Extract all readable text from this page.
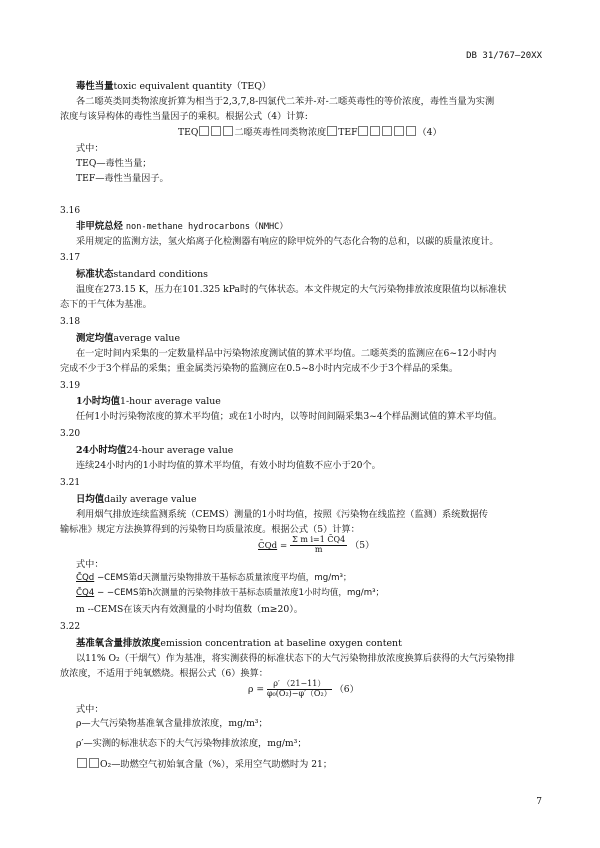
DB 31/767—20XX
毒性当量toxic equivalent quantity（TEQ）
各二噁英类同类物浓度折算为相当于2,3,7,8-四氯代二苯并-对-二噁英毒性的等价浓度，毒性当量为实测
浓度与该异构体的毒性当量因子的乘积。根据公式（4）计算:
TEQ	二噁英毒性同类物浓度 TEF	（4）
式中：
TEQ—毒性当量；
TEF—毒性当量因子。
3.16
非甲烷总烃 non-methane hydrocarbons（NMHC）
采用规定的监测方法，氢火焰离子化检测器有响应的除甲烷外的气态化合物的总和，以碳的质量浓度计。
3.17
标准状态standard conditions
温度在273.15 K，压力在101.325 kPa时的气体状态。本文件规定的大气污染物排放浓度限值均以标准状
态下的干气体为基准。
3.18
测定均值average value
在一定时间内采集的一定数量样品中污染物浓度测试值的算术平均值。二噁英类的监测应在6~12小时内
完成不少于3个样品的采集；重金属类污染物的监测应在0.5~8小时内完成不少于3个样品的采集。
3.19
1小时均值1-hour average value
任何1小时污染物浓度的算术平均值；或在1小时内，以等时间间隔采集3~4个样品测试值的算术平均值。
3.20
24小时均值24-hour average value
连续24小时内的1小时均值的算术平均值，有效小时均值数不应小于20个。
3.21
日均值daily average value
利用烟气排放连续监测系统（CEMS）测量的1小时均值，按照《污染物在线监控（监测）系统数据传
输标准》规定方法换算得到的污染物日均质量浓度。根据公式（5）计算：
C̄Qd = $\frac{\text{Σ m i=1 C̄Q4}}{m} (5)$
式中：
C̄Qd −CEMS第d天测量污染物排放干基标态质量浓度平均值，mg/m³；
C̄Q4 − −CEMS第h次测量的污染物排放干基标态质量浓度1小时均值，mg/m³；
m --CEMS在该天内有效测量的小时均值数（m≥20）。
3.22
基准氧含量排放浓度emission concentration at baseline oxygen content
以11% O₂（干烟气）作为基准，将实测获得的标准状态下的大气污染物排放浓度换算后获得的大气污染物排
放浓度，不适用于纯氧燃烧。根据公式（6）换算：
$\rho = \frac{\rho' (21-11)}{\text{φ₀(O₂)−φ′（O₂）}} (6)$
式中：
ρ—大气污染物基准氧含量排放浓度，mg/m³；
ρ′—实测的标准状态下的大气污染物排放浓度，mg/m³；
O₂—助燃空气初始氧含量（%），采用空气助燃时为 21；
7
